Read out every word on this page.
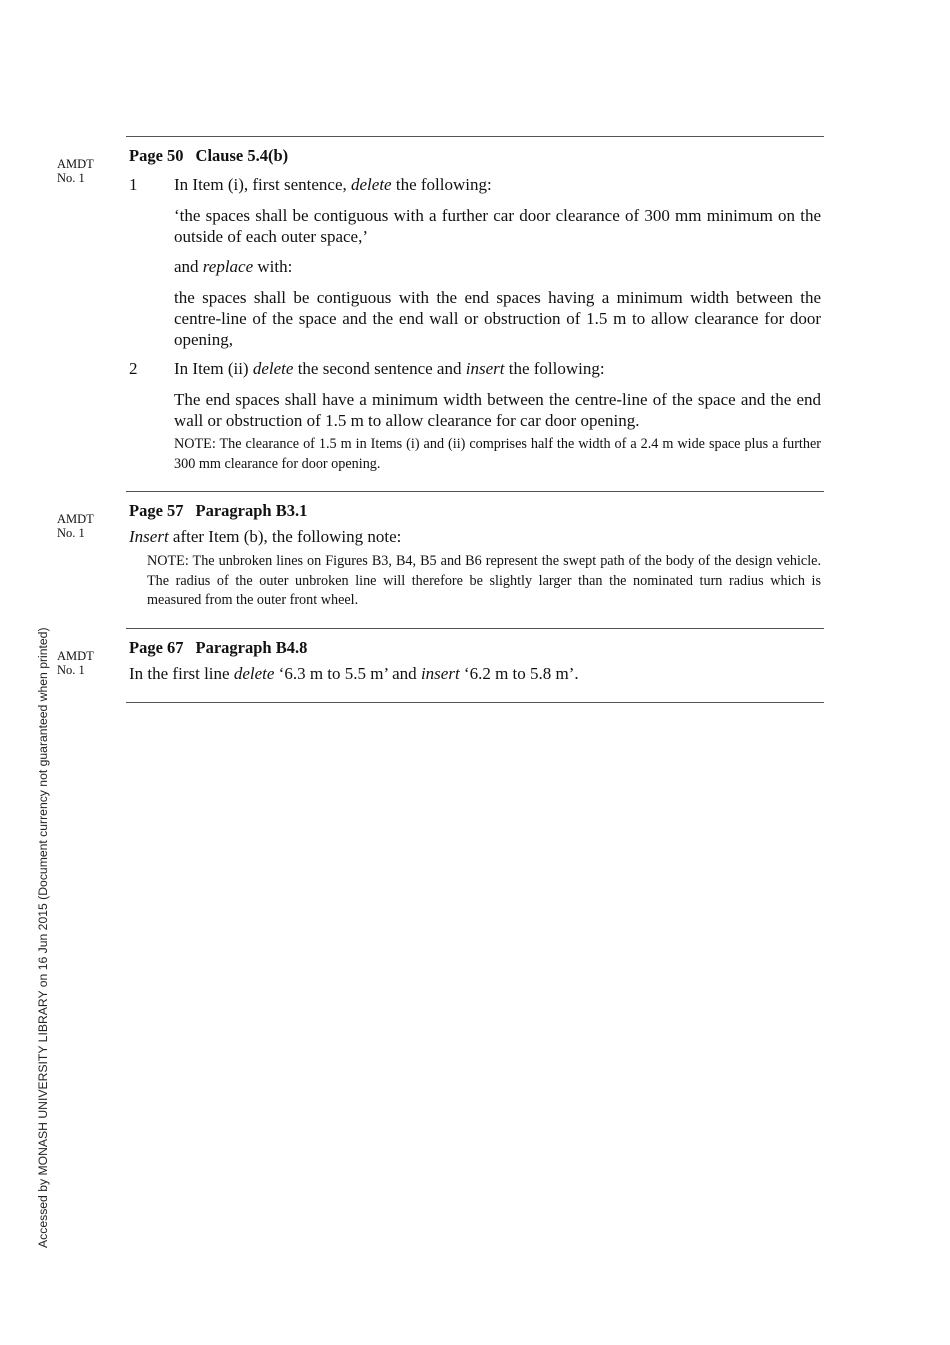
Accessed by MONASH UNIVERSITY LIBRARY on 16 Jun 2015 (Document currency not guaranteed when printed)
AMDT
No. 1
Page 50 Clause 5.4(b)
1 In Item (i), first sentence, delete the following:
‘the spaces shall be contiguous with a further car door clearance of 300 mm minimum on the outside of each outer space,’
and replace with:
the spaces shall be contiguous with the end spaces having a minimum width between the centre-line of the space and the end wall or obstruction of 1.5 m to allow clearance for door opening,
2 In Item (ii) delete the second sentence and insert the following:
The end spaces shall have a minimum width between the centre-line of the space and the end wall or obstruction of 1.5 m to allow clearance for car door opening.
NOTE: The clearance of 1.5 m in Items (i) and (ii) comprises half the width of a 2.4 m wide space plus a further 300 mm clearance for door opening.
AMDT
No. 1
Page 57 Paragraph B3.1
Insert after Item (b), the following note:
NOTE: The unbroken lines on Figures B3, B4, B5 and B6 represent the swept path of the body of the design vehicle. The radius of the outer unbroken line will therefore be slightly larger than the nominated turn radius which is measured from the outer front wheel.
AMDT
No. 1
Page 67 Paragraph B4.8
In the first line delete ‘6.3 m to 5.5 m’ and insert ‘6.2 m to 5.8 m’.
